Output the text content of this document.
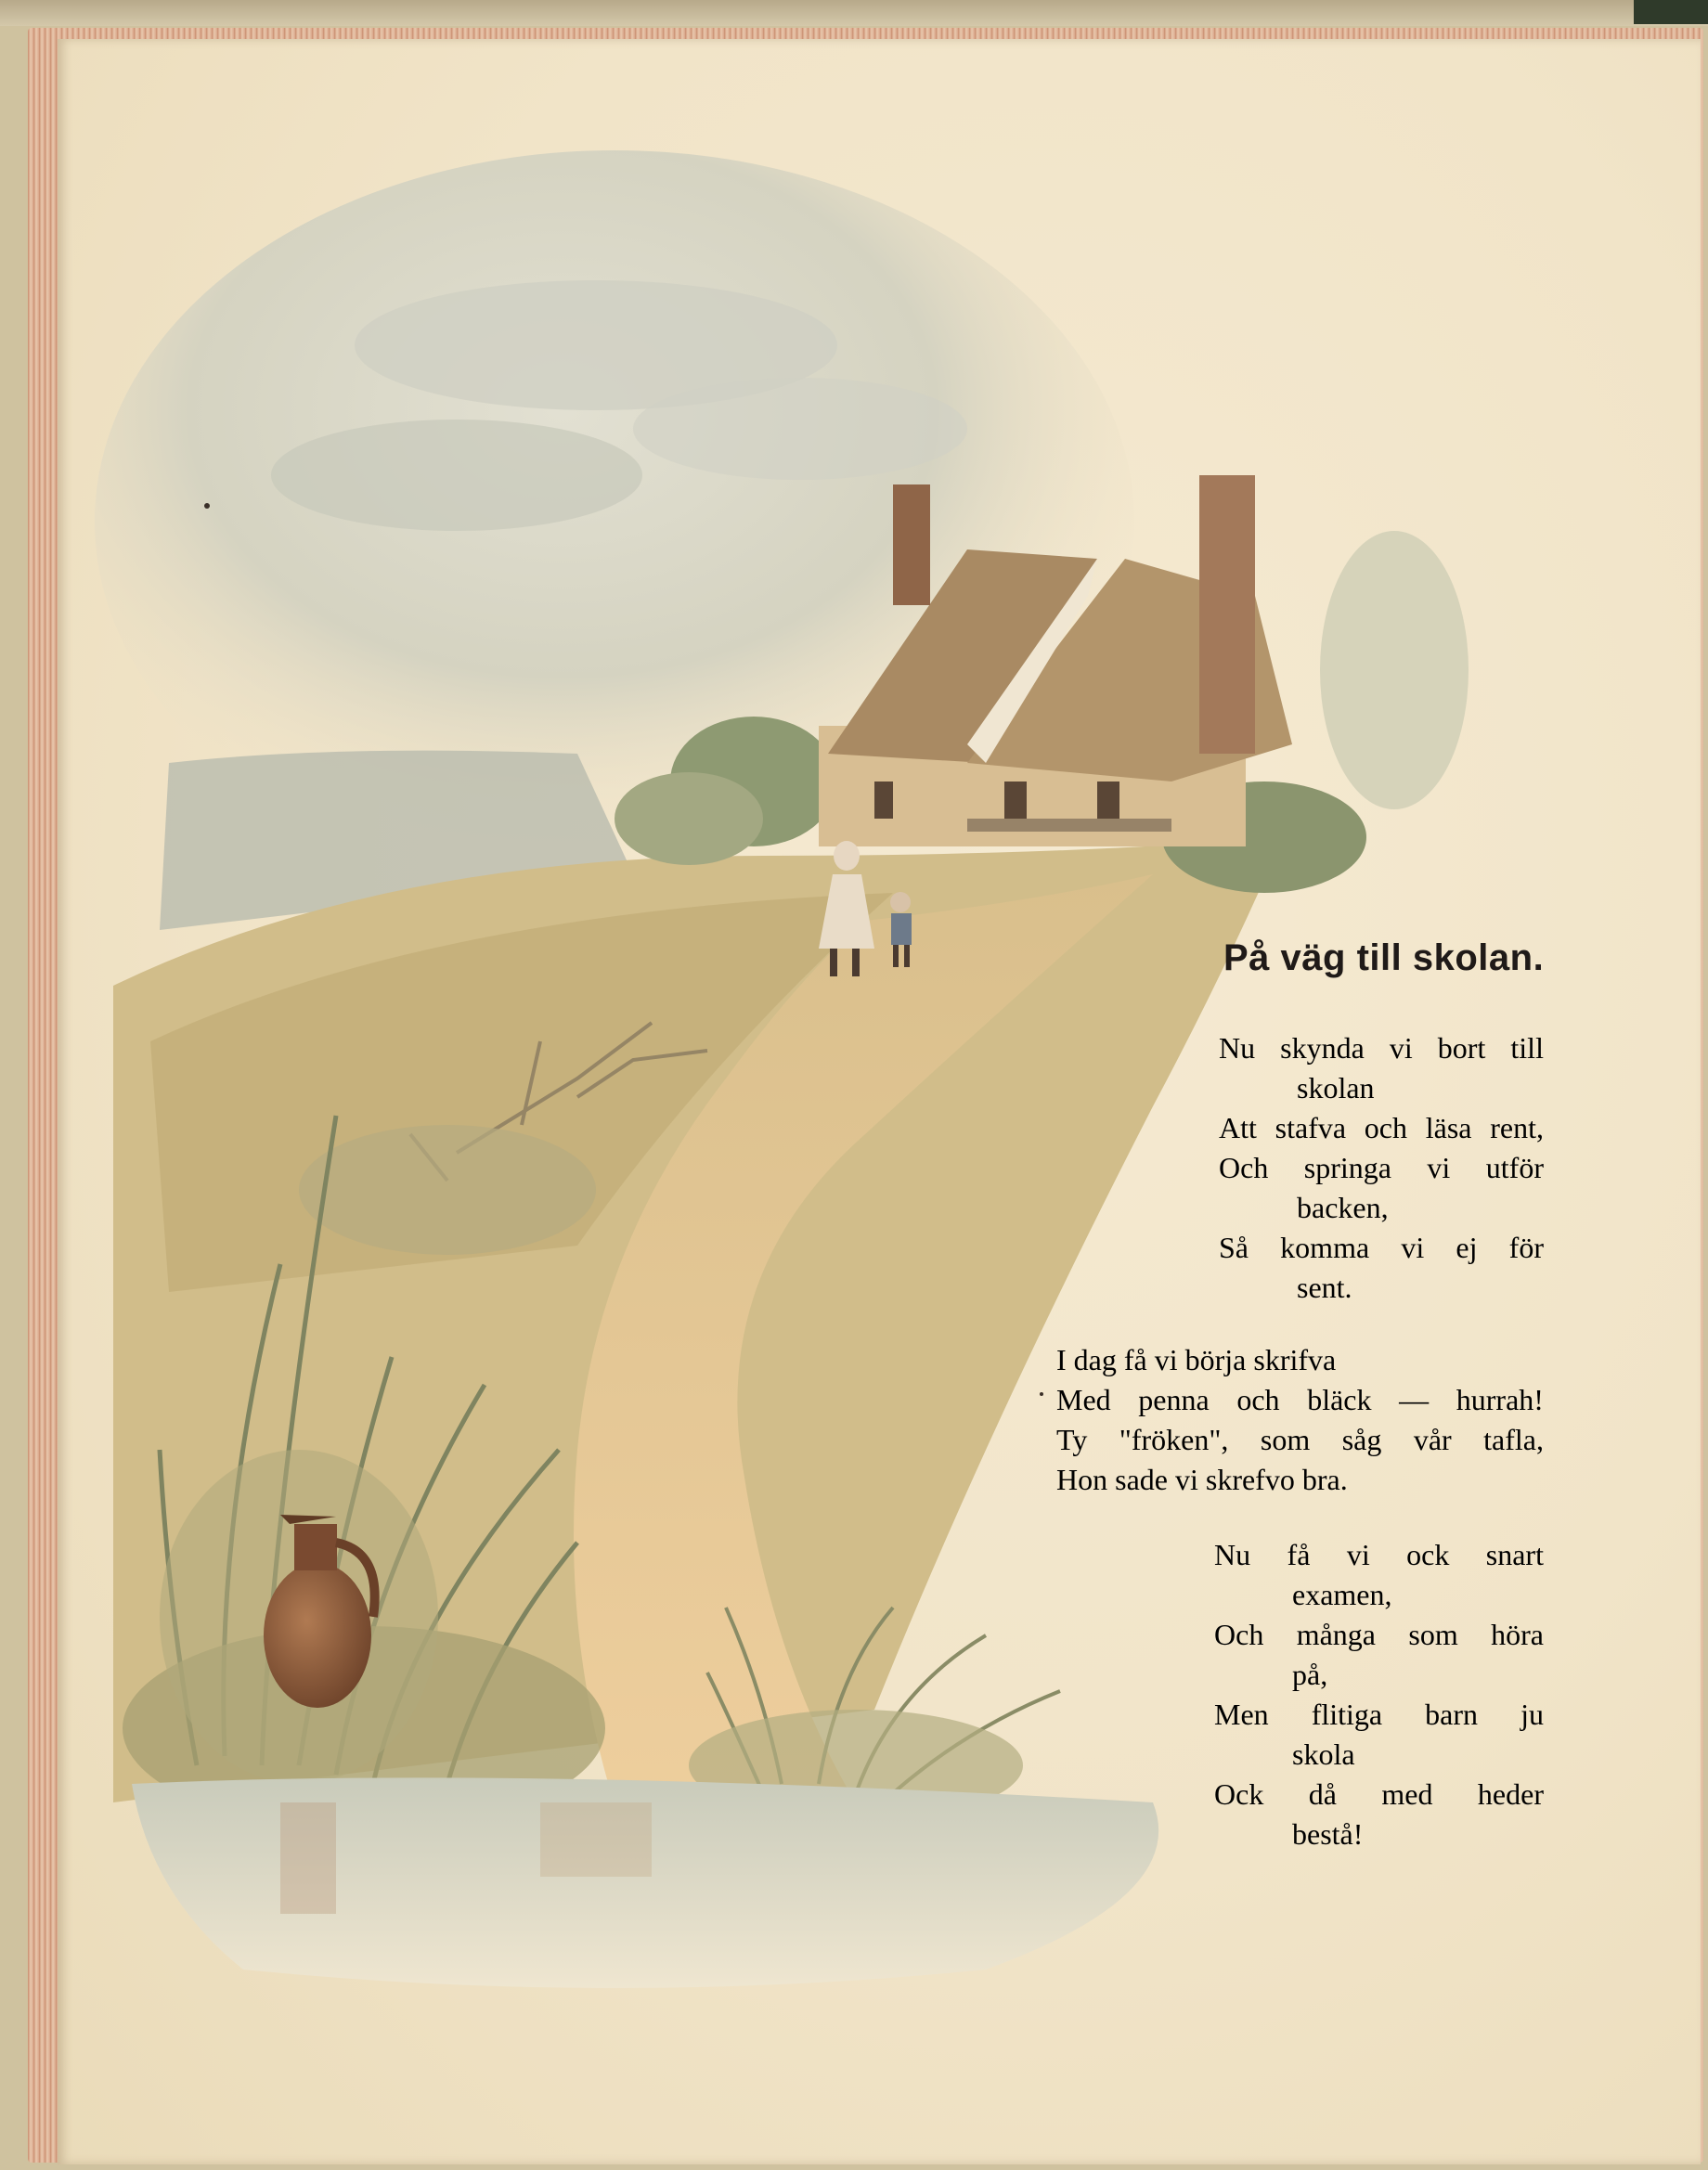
På väg till skolan.
Nu skynda vi bort till
skolan
Att stafva och läsa rent,
Och springa vi utför
backen,
Så komma vi ej för
sent.
I dag få vi börja skrifva
Med penna och bläck — hurrah!
Ty "fröken", som såg vår tafla,
Hon sade vi skrefvo bra.
Nu få vi ock snart
examen,
Och många som höra
på,
Men flitiga barn ju
skola
Ock då med heder
bestå!
